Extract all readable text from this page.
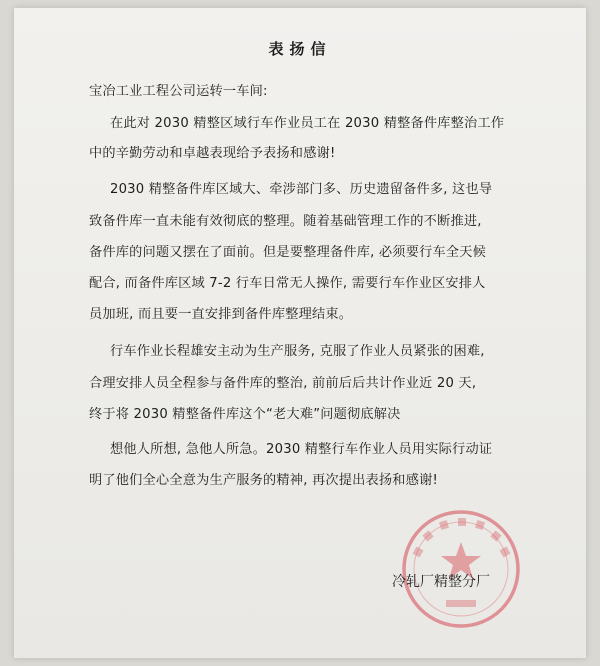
表扬信
宝冶工业工程公司运转一车间:
在此对 2030 精整区域行车作业员工在 2030 精整备件库整治工作
中的辛勤劳动和卓越表现给予表扬和感谢!
2030 精整备件库区域大、牵涉部门多、历史遗留备件多, 这也导
致备件库一直未能有效彻底的整理。随着基础管理工作的不断推进,
备件库的问题又摆在了面前。但是要整理备件库, 必须要行车全天候
配合, 而备件库区域 7-2 行车日常无人操作, 需要行车作业区安排人
员加班, 而且要一直安排到备件库整理结束。
行车作业长程雄安主动为生产服务, 克服了作业人员紧张的困难,
合理安排人员全程参与备件库的整治, 前前后后共计作业近 20 天,
终于将 2030 精整备件库这个“老大难”问题彻底解决
想他人所想, 急他人所急。2030 精整行车作业人员用实际行动证
明了他们全心全意为生产服务的精神, 再次提出表扬和感谢!
冷轧厂精整分厂
